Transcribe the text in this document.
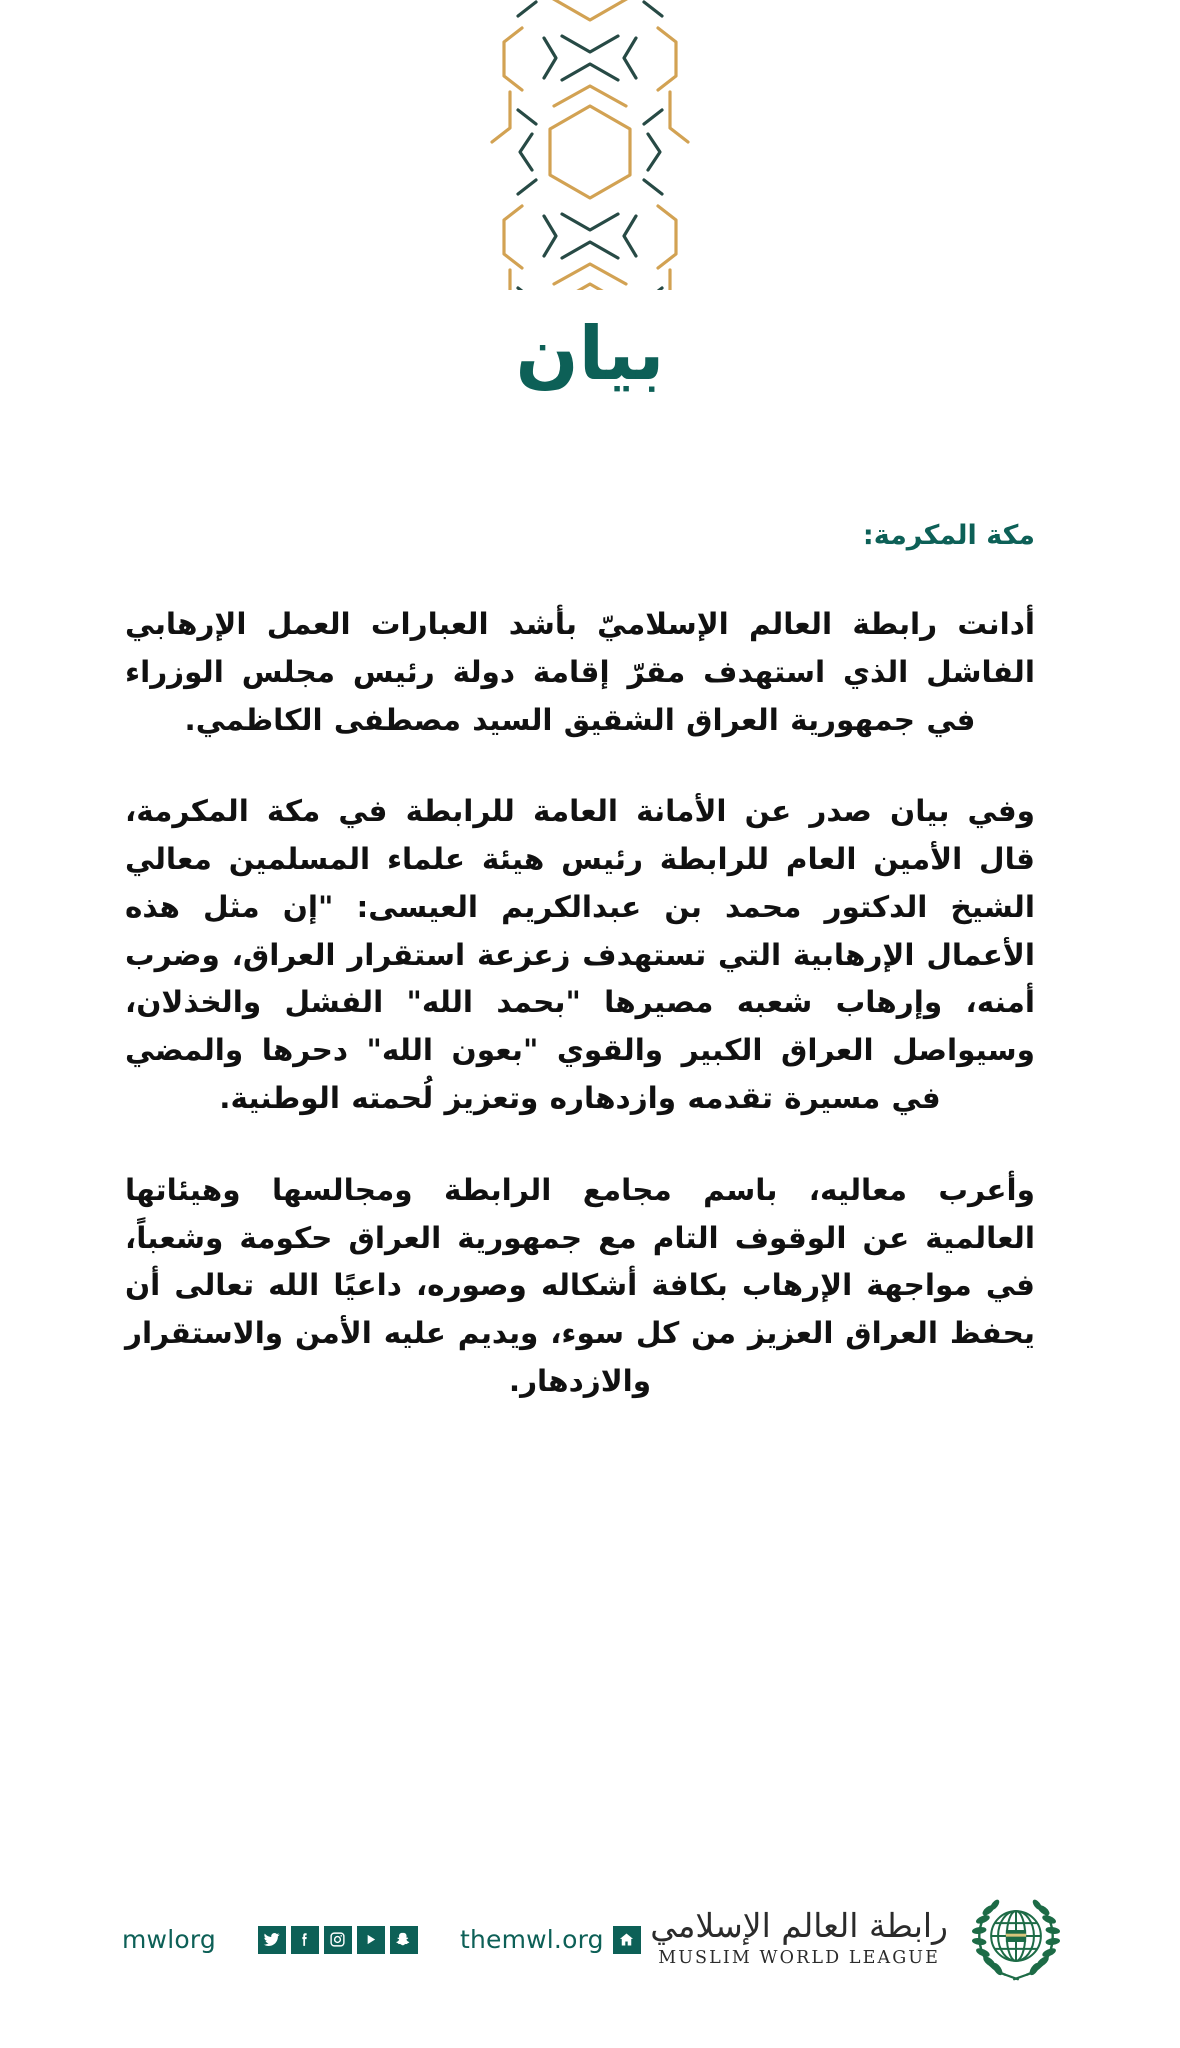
بيان
مكة المكرمة:

أدانت رابطة العالم الإسلاميّ بأشد العبارات العمل الإرهابي الفاشل الذي استهدف مقرّ إقامة دولة رئيس مجلس الوزراء في جمهورية العراق الشقيق السيد مصطفى الكاظمي.

وفي بيان صدر عن الأمانة العامة للرابطة في مكة المكرمة، قال الأمين العام للرابطة رئيس هيئة علماء المسلمين معالي الشيخ الدكتور محمد بن عبدالكريم العيسى: "إن مثل هذه الأعمال الإرهابية التي تستهدف زعزعة استقرار العراق، وضرب أمنه، وإرهاب شعبه مصيرها "بحمد الله" الفشل والخذلان، وسيواصل العراق الكبير والقوي "بعون الله" دحرها والمضي في مسيرة تقدمه وازدهاره وتعزيز لُحمته الوطنية.

وأعرب معاليه، باسم مجامع الرابطة ومجالسها وهيئاتها العالمية عن الوقوف التام مع جمهورية العراق حكومة وشعباً، في مواجهة الإرهاب بكافة أشكاله وصوره، داعيًا الله تعالى أن يحفظ العراق العزيز من كل سوء، ويديم عليه الأمن والاستقرار والازدهار.

mwlorg	themwl.org رابطة العالم الإسلامي
MUSLIM WORLD LEAGUE
